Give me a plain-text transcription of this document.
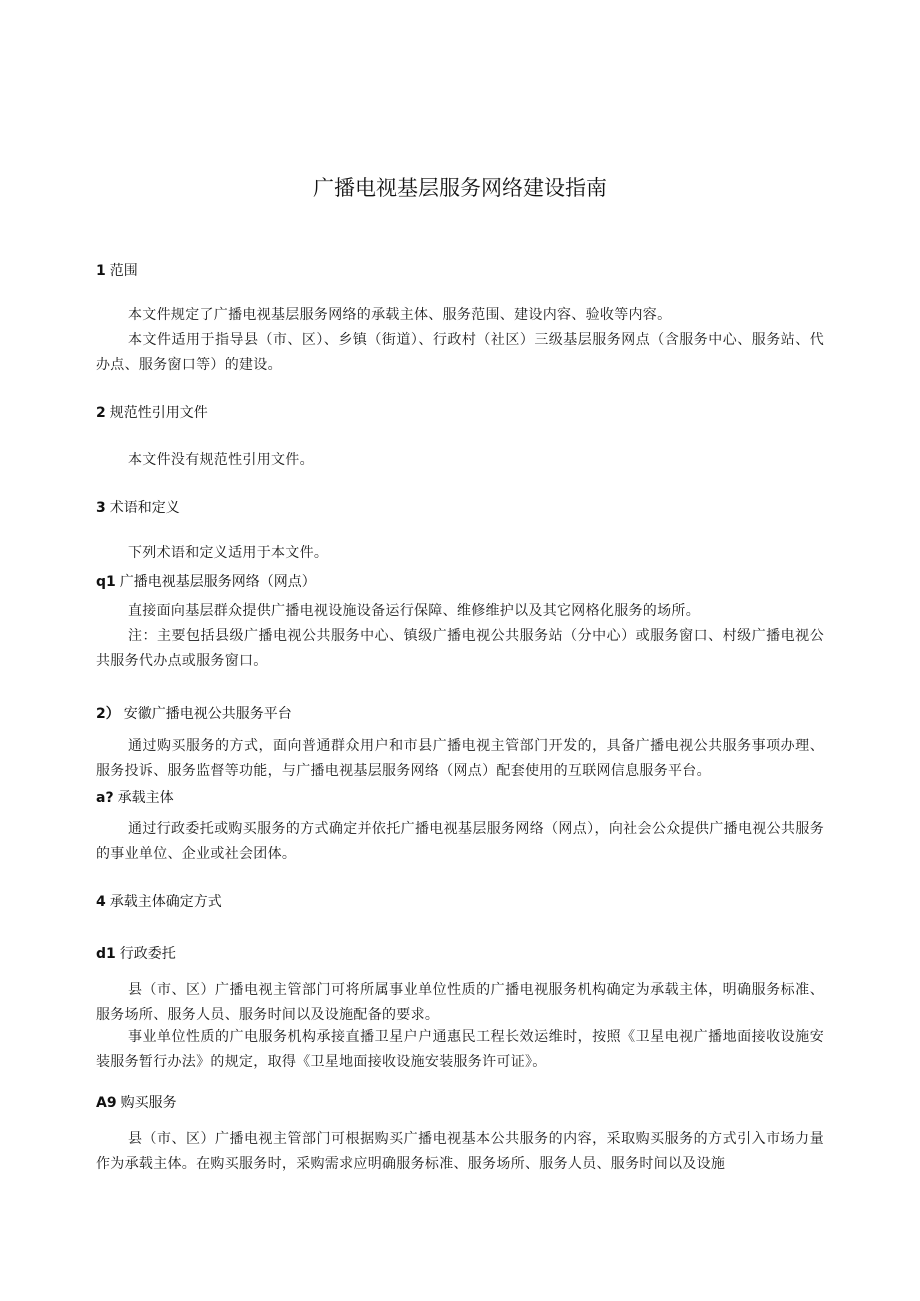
广播电视基层服务网络建设指南
1 范围
本文件规定了广播电视基层服务网络的承载主体、服务范围、建设内容、验收等内容。
本文件适用于指导县（市、区）、乡镇（街道）、行政村（社区）三级基层服务网点（含服务中心、服务站、代办点、服务窗口等）的建设。
2 规范性引用文件
本文件没有规范性引用文件。
3 术语和定义
下列术语和定义适用于本文件。
q1 广播电视基层服务网络（网点）
直接面向基层群众提供广播电视设施设备运行保障、维修维护以及其它网格化服务的场所。
注：主要包括县级广播电视公共服务中心、镇级广播电视公共服务站（分中心）或服务窗口、村级广播电视公共服务代办点或服务窗口。
2） 安徽广播电视公共服务平台
通过购买服务的方式，面向普通群众用户和市县广播电视主管部门开发的，具备广播电视公共服务事项办理、服务投诉、服务监督等功能，与广播电视基层服务网络（网点）配套使用的互联网信息服务平台。
a? 承载主体
通过行政委托或购买服务的方式确定并依托广播电视基层服务网络（网点），向社会公众提供广播电视公共服务的事业单位、企业或社会团体。
4 承载主体确定方式
d1 行政委托
县（市、区）广播电视主管部门可将所属事业单位性质的广播电视服务机构确定为承载主体，明确服务标准、服务场所、服务人员、服务时间以及设施配备的要求。
事业单位性质的广电服务机构承接直播卫星户户通惠民工程长效运维时，按照《卫星电视广播地面接收设施安装服务暂行办法》的规定，取得《卫星地面接收设施安装服务许可证》。
A9 购买服务
县（市、区）广播电视主管部门可根据购买广播电视基本公共服务的内容，采取购买服务的方式引入市场力量作为承载主体。在购买服务时，采购需求应明确服务标准、服务场所、服务人员、服务时间以及设施
